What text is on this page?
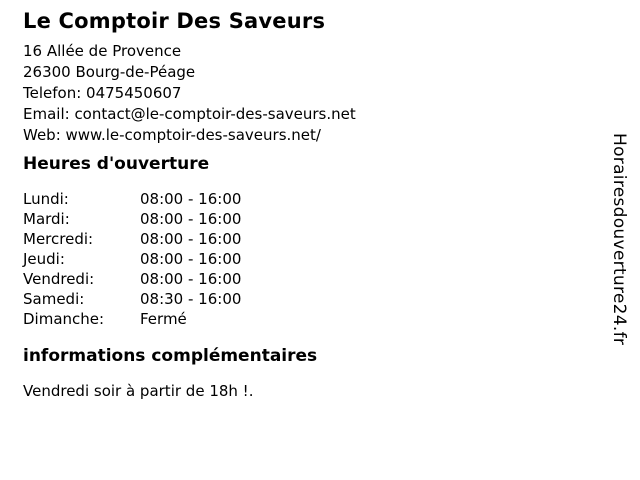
Le Comptoir Des Saveurs
16 Allée de Provence
26300 Bourg-de-Péage
Telefon: 0475450607
Email: contact@le-comptoir-des-saveurs.net
Web: www.le-comptoir-des-saveurs.net/
Heures d'ouverture
Lundi:	08:00 - 16:00
Mardi:	08:00 - 16:00
Mercredi:	08:00 - 16:00
Jeudi:	08:00 - 16:00
Vendredi:	08:00 - 16:00
Samedi:	08:30 - 16:00
Dimanche:	Fermé
informations complémentaires

Vendredi soir à partir de 18h !.

Horairesdouverture24.fr
